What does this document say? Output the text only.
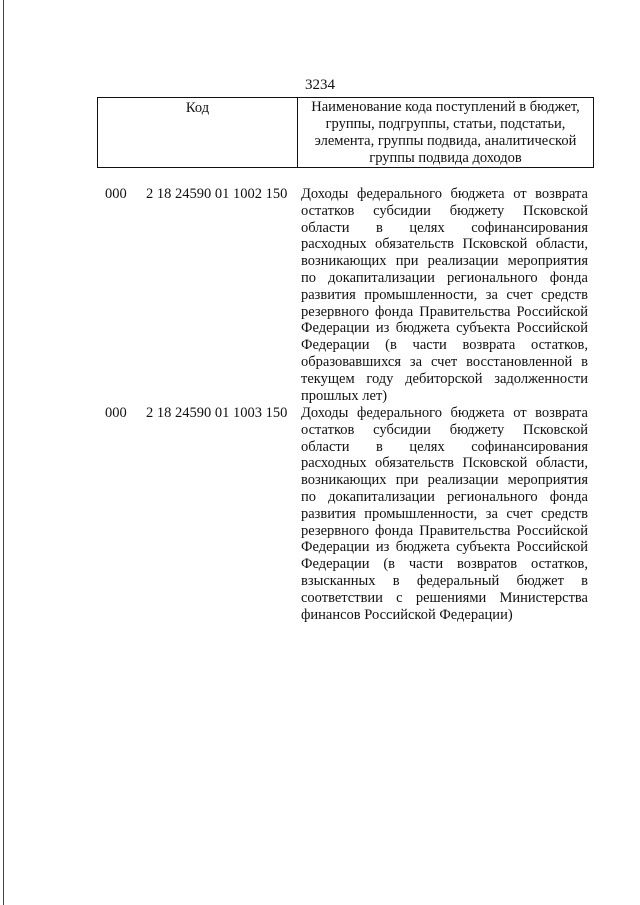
3234
Код	Наименование кода поступлений в бюджет, группы, подгруппы, статьи, подстатьи, элемента, группы подвида, аналитической группы подвида доходов
000 2 18 24590 01 1002 150 Доходы федерального бюджета от возврата
остатков субсидии бюджету Псковской
области в целях софинансирования
расходных обязательств Псковской области,
возникающих при реализации мероприятия
по докапитализации регионального фонда
развития промышленности, за счет средств
резервного фонда Правительства Российской
Федерации из бюджета субъекта Российской
Федерации (в части возврата остатков,
образовавшихся за счет восстановленной в
текущем году дебиторской задолженности
прошлых лет)
000 2 18 24590 01 1003 150 Доходы федерального бюджета от возврата
остатков субсидии бюджету Псковской
области в целях софинансирования
расходных обязательств Псковской области,
возникающих при реализации мероприятия
по докапитализации регионального фонда
развития промышленности, за счет средств
резервного фонда Правительства Российской
Федерации из бюджета субъекта Российской
Федерации (в части возвратов остатков,
взысканных в федеральный бюджет в
соответствии с решениями Министерства
финансов Российской Федерации)
